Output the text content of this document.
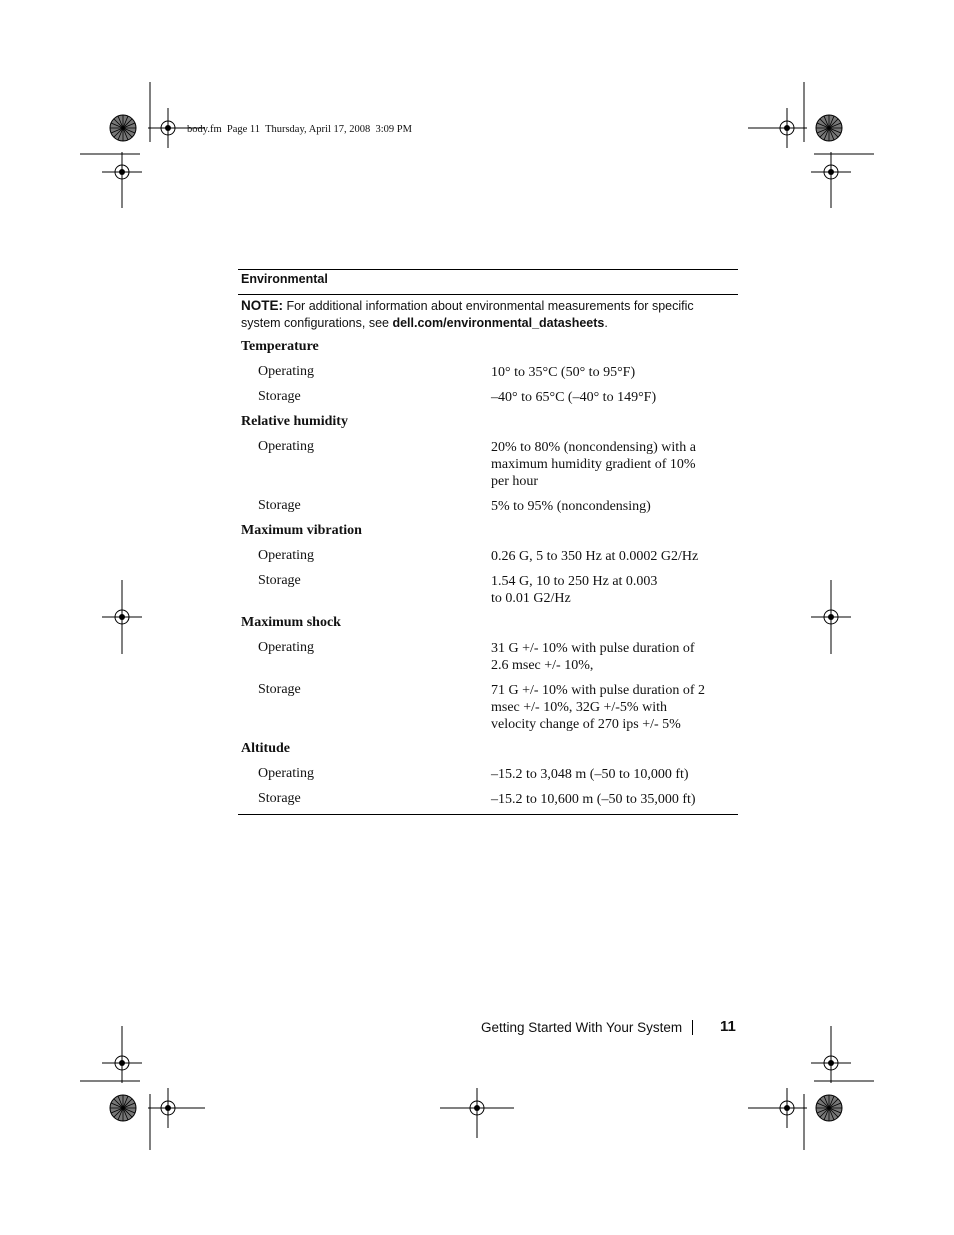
body.fm  Page 11  Thursday, April 17, 2008  3:09 PM
Environmental
NOTE: For additional information about environmental measurements for specific system configurations, see dell.com/environmental_datasheets.
Temperature
Operating	10° to 35°C (50° to 95°F)
Storage	–40° to 65°C (–40° to 149°F)
Relative humidity
Operating	20% to 80% (noncondensing) with a maximum humidity gradient of 10% per hour
Storage	5% to 95% (noncondensing)
Maximum vibration
Operating	0.26 G, 5 to 350 Hz at 0.0002 G2/Hz
Storage	1.54 G, 10 to 250 Hz at 0.003 to 0.01 G2/Hz
Maximum shock
Operating	31 G +/- 10% with pulse duration of 2.6 msec +/- 10%,
Storage	71 G +/- 10% with pulse duration of 2 msec +/- 10%, 32G +/-5% with velocity change of 270 ips +/- 5%
Altitude
Operating	–15.2 to 3,048 m (–50 to 10,000 ft)
Storage	–15.2 to 10,600 m (–50 to 35,000 ft)
Getting Started With Your System	11
